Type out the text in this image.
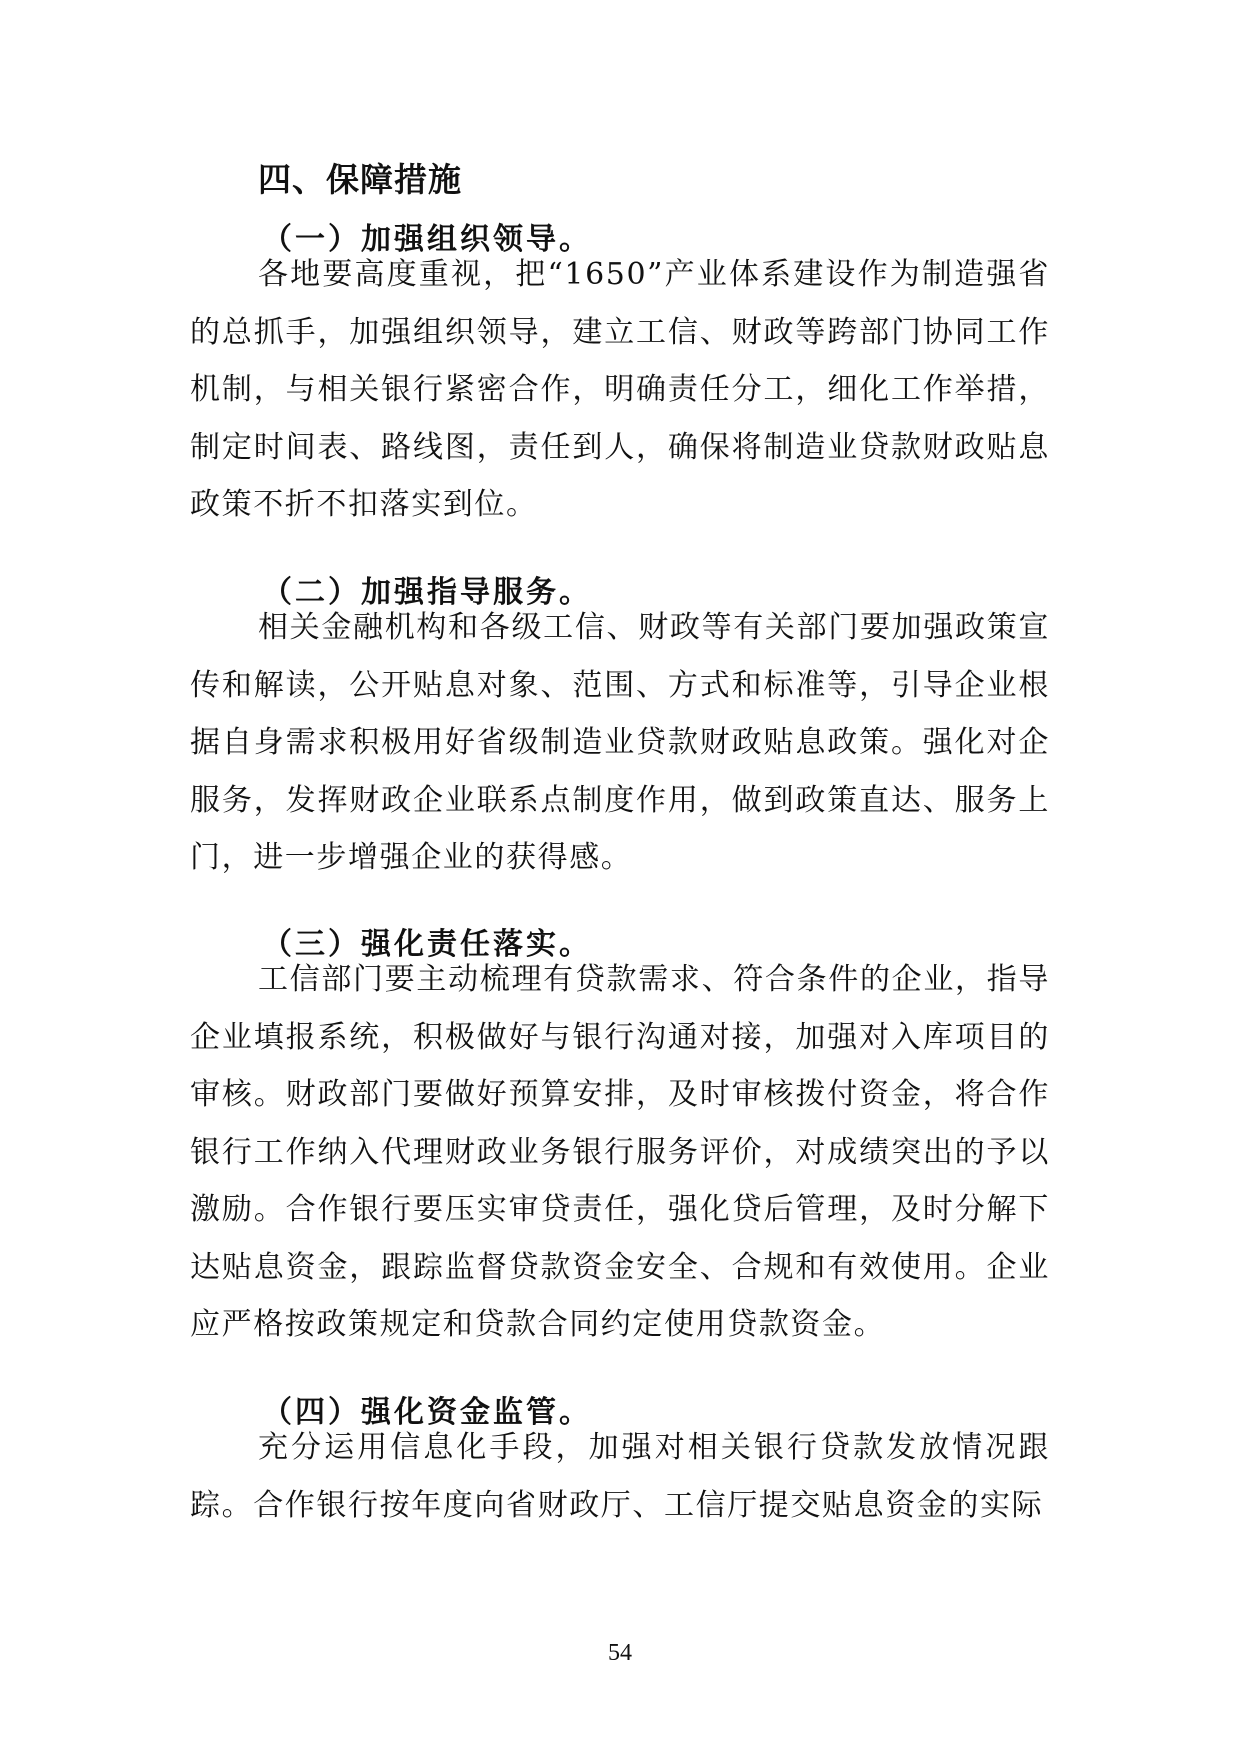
四、保障措施
（一）加强组织领导。
各地要高度重视，把“1650”产业体系建设作为制造强省的总抓手，加强组织领导，建立工信、财政等跨部门协同工作机制，与相关银行紧密合作，明确责任分工，细化工作举措，制定时间表、路线图，责任到人，确保将制造业贷款财政贴息政策不折不扣落实到位。
（二）加强指导服务。
相关金融机构和各级工信、财政等有关部门要加强政策宣传和解读，公开贴息对象、范围、方式和标准等，引导企业根据自身需求积极用好省级制造业贷款财政贴息政策。强化对企服务，发挥财政企业联系点制度作用，做到政策直达、服务上门，进一步增强企业的获得感。
（三）强化责任落实。
工信部门要主动梳理有贷款需求、符合条件的企业，指导企业填报系统，积极做好与银行沟通对接，加强对入库项目的审核。财政部门要做好预算安排，及时审核拨付资金，将合作银行工作纳入代理财政业务银行服务评价，对成绩突出的予以激励。合作银行要压实审贷责任，强化贷后管理，及时分解下达贴息资金，跟踪监督贷款资金安全、合规和有效使用。企业应严格按政策规定和贷款合同约定使用贷款资金。
（四）强化资金监管。
充分运用信息化手段，加强对相关银行贷款发放情况跟踪。合作银行按年度向省财政厅、工信厅提交贴息资金的实际
54
